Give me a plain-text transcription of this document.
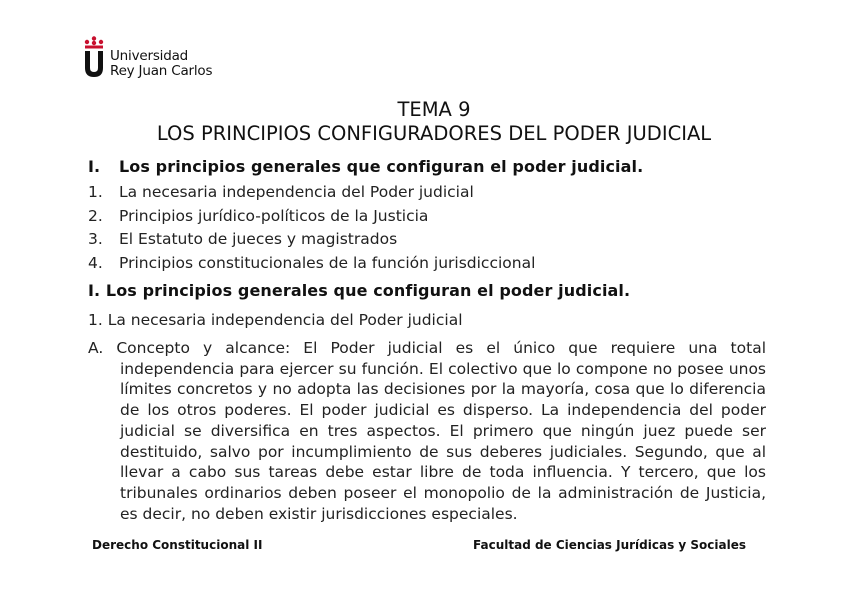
Universidad
Rey Juan Carlos
TEMA 9
LOS PRINCIPIOS CONFIGURADORES DEL PODER JUDICIAL
I. Los principios generales que configuran el poder judicial.
1. La necesaria independencia del Poder judicial
2. Principios jurídico-políticos de la Justicia
3. El Estatuto de jueces y magistrados
4. Principios constitucionales de la función jurisdiccional
I. Los principios generales que configuran el poder judicial.
1. La necesaria independencia del Poder judicial
A. Concepto y alcance: El Poder judicial es el único que requiere una total independencia para ejercer su función. El colectivo que lo compone no posee unos límites concretos y no adopta las decisiones por la mayoría, cosa que lo diferencia de los otros poderes. El poder judicial es disperso. La independencia del poder judicial se diversifica en tres aspectos. El primero que ningún juez puede ser destituido, salvo por incumplimiento de sus deberes judiciales. Segundo, que al llevar a cabo sus tareas debe estar libre de toda influencia. Y tercero, que los tribunales ordinarios deben poseer el monopolio de la administración de Justicia, es decir, no deben existir jurisdicciones especiales.
Derecho Constitucional II	Facultad de Ciencias Jurídicas y Sociales
